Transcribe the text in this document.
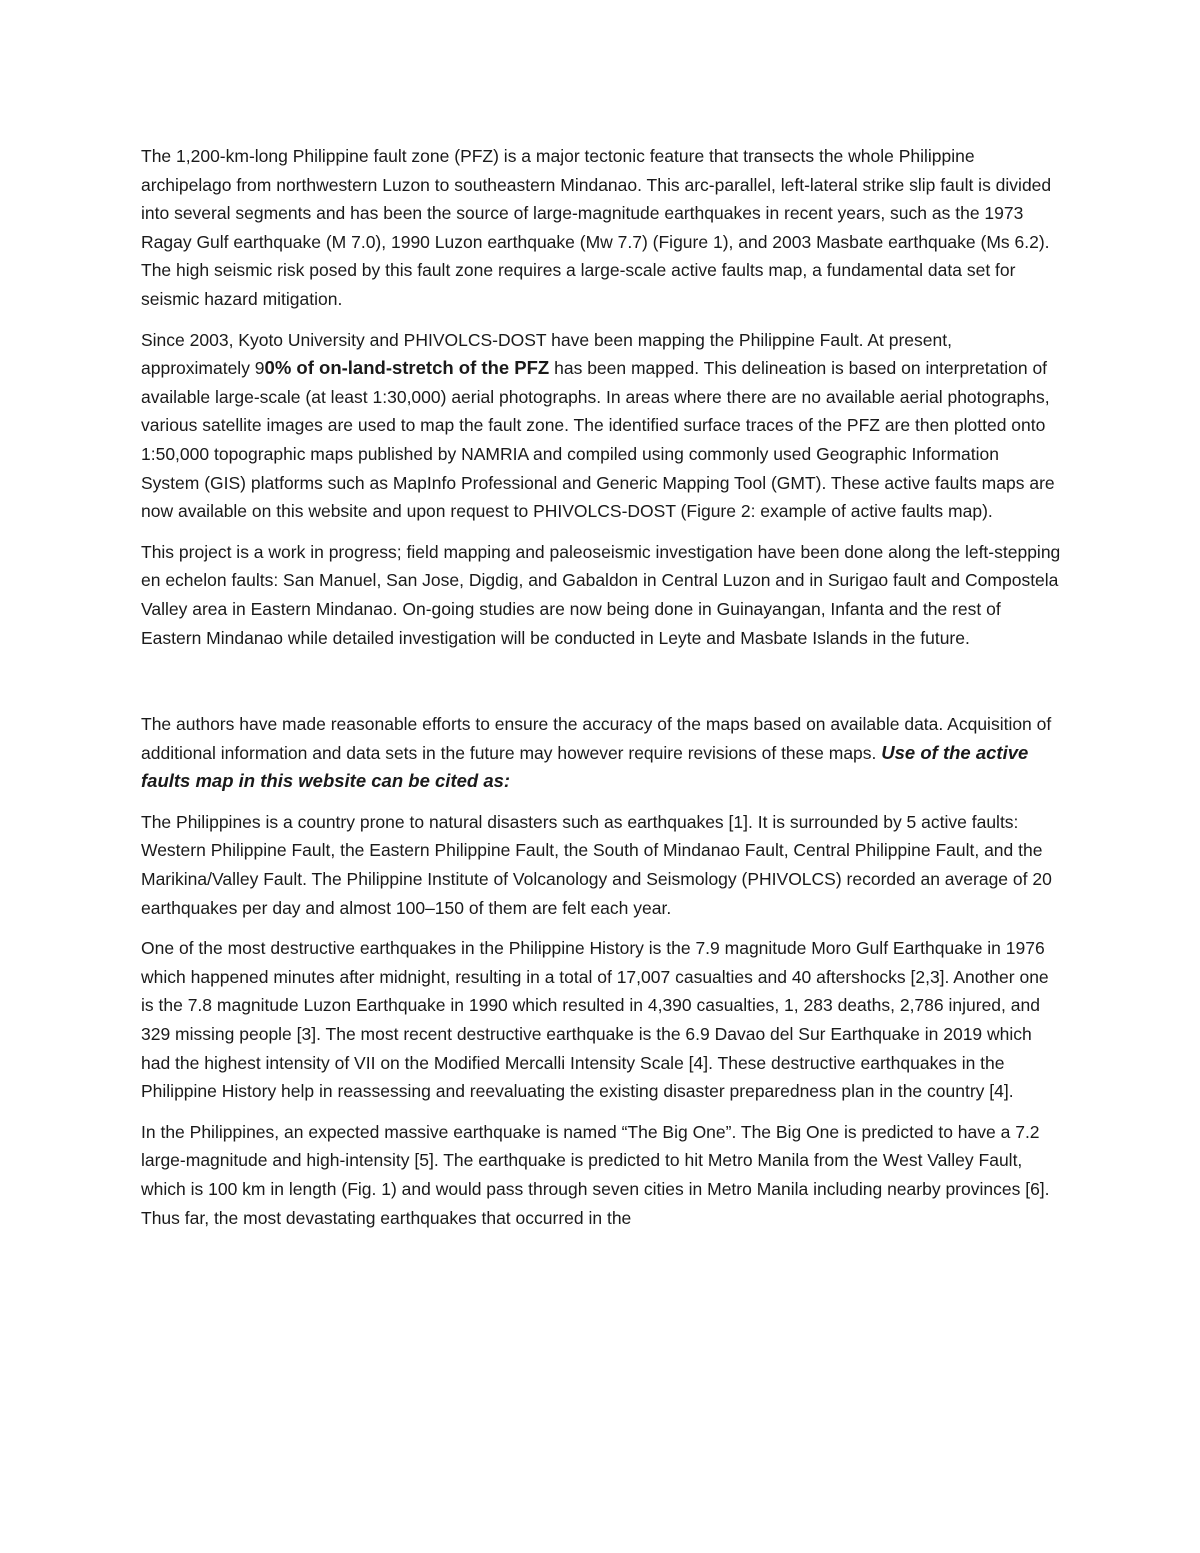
The 1,200-km-long Philippine fault zone (PFZ) is a major tectonic feature that transects the whole Philippine archipelago from northwestern Luzon to southeastern Mindanao. This arc-parallel, left-lateral strike slip fault is divided into several segments and has been the source of large-magnitude earthquakes in recent years, such as the 1973 Ragay Gulf earthquake (M 7.0), 1990 Luzon earthquake (Mw 7.7) (Figure 1), and 2003 Masbate earthquake (Ms 6.2). The high seismic risk posed by this fault zone requires a large-scale active faults map, a fundamental data set for seismic hazard mitigation.

Since 2003, Kyoto University and PHIVOLCS-DOST have been mapping the Philippine Fault. At present, approximately 90% of on-land-stretch of the PFZ has been mapped. This delineation is based on interpretation of available large-scale (at least 1:30,000) aerial photographs. In areas where there are no available aerial photographs, various satellite images are used to map the fault zone. The identified surface traces of the PFZ are then plotted onto 1:50,000 topographic maps published by NAMRIA and compiled using commonly used Geographic Information System (GIS) platforms such as MapInfo Professional and Generic Mapping Tool (GMT). These active faults maps are now available on this website and upon request to PHIVOLCS-DOST (Figure 2: example of active faults map).

This project is a work in progress; field mapping and paleoseismic investigation have been done along the left-stepping en echelon faults: San Manuel, San Jose, Digdig, and Gabaldon in Central Luzon and in Surigao fault and Compostela Valley area in Eastern Mindanao. On-going studies are now being done in Guinayangan, Infanta and the rest of Eastern Mindanao while detailed investigation will be conducted in Leyte and Masbate Islands in the future.

The authors have made reasonable efforts to ensure the accuracy of the maps based on available data. Acquisition of additional information and data sets in the future may however require revisions of these maps. Use of the active faults map in this website can be cited as:

The Philippines is a country prone to natural disasters such as earthquakes [1]. It is surrounded by 5 active faults: Western Philippine Fault, the Eastern Philippine Fault, the South of Mindanao Fault, Central Philippine Fault, and the Marikina/Valley Fault. The Philippine Institute of Volcanology and Seismology (PHIVOLCS) recorded an average of 20 earthquakes per day and almost 100–150 of them are felt each year.

One of the most destructive earthquakes in the Philippine History is the 7.9 magnitude Moro Gulf Earthquake in 1976 which happened minutes after midnight, resulting in a total of 17,007 casualties and 40 aftershocks [2,3]. Another one is the 7.8 magnitude Luzon Earthquake in 1990 which resulted in 4,390 casualties, 1, 283 deaths, 2,786 injured, and 329 missing people [3]. The most recent destructive earthquake is the 6.9 Davao del Sur Earthquake in 2019 which had the highest intensity of VII on the Modified Mercalli Intensity Scale [4]. These destructive earthquakes in the Philippine History help in reassessing and reevaluating the existing disaster preparedness plan in the country [4].

In the Philippines, an expected massive earthquake is named “The Big One”. The Big One is predicted to have a 7.2 large-magnitude and high-intensity [5]. The earthquake is predicted to hit Metro Manila from the West Valley Fault, which is 100 km in length (Fig. 1) and would pass through seven cities in Metro Manila including nearby provinces [6]. Thus far, the most devastating earthquakes that occurred in the
